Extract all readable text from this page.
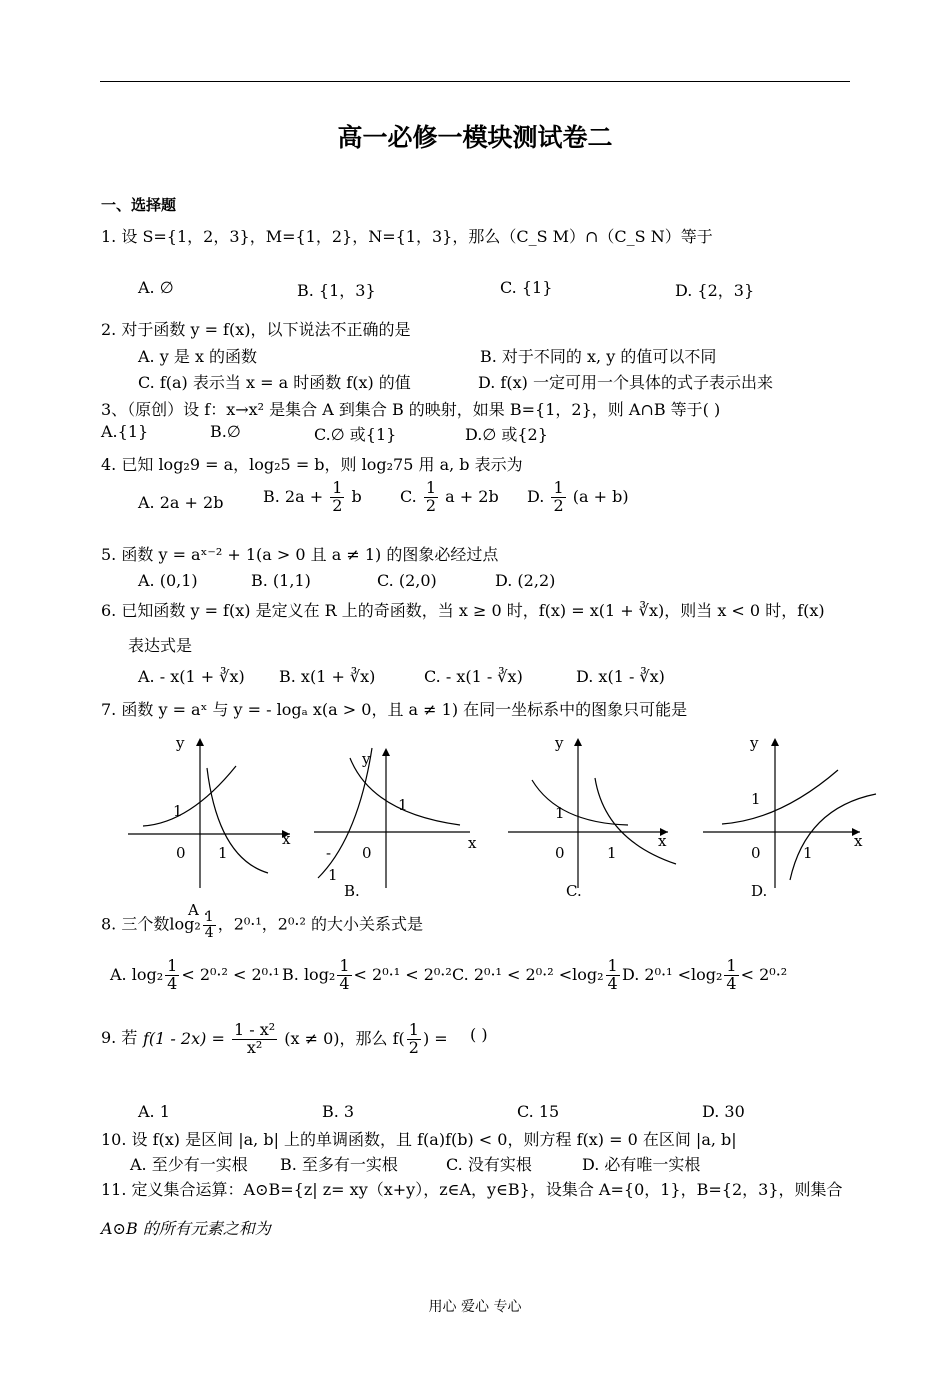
高一必修一模块测试卷二
一、选择题
1. 设 S={1，2，3}，M={1，2}，N={1，3}，那么（C_S M）∩（C_S N）等于
A. ∅	B. {1，3}	C. {1}	D. {2，3}
2. 对于函数 y = f(x)，以下说法不正确的是
A. y 是 x 的函数	B. 对于不同的 x, y 的值可以不同
C. f(a) 表示当 x = a 时函数 f(x) 的值	D. f(x) 一定可用一个具体的式子表示出来
3、（原创）设 f：x→x² 是集合 A 到集合 B 的映射，如果 B={1，2}，则 A∩B 等于( )
A.{1}	B.∅	C.∅ 或{1}	D.∅ 或{2}
4. 已知 log₂9 = a，log₂5 = b，则 log₂75 用 a, b 表示为
A. 2a + 2b B. $2a + \frac{1}{2}$ b C. $\frac{1}{2}$ a + 2b D. $\frac{1}{2} (a + b)$
5. 函数 y = aˣ⁻² + 1(a > 0 且 a ≠ 1) 的图象必经过点
A. (0,1)	B. (1,1)	C. (2,0)	D. (2,2)
6. 已知函数 y = f(x) 是定义在 R 上的奇函数，当 x ≥ 0 时，f(x) = x(1 + ∛x)，则当 x < 0 时，f(x)
表达式是
A. - x(1 + ∛x) B. x(1 + ∛x)	C. - x(1 - ∛x)	D. x(1 - ∛x)
7. 函数 y = aˣ 与 y = - logₐ x(a > 0，且 a ≠ 1) 在同一坐标系中的图象只可能是
y
x
1
0 1
A .
y
x
1
-
1
0
B.
y
x
1
0	1
C.
y
x
1
0	1
D.
8. 三个数$\log_2 \frac{1}{4}$ ，2⁰·¹，2⁰·² 的大小关系式是
A. $\log_2 \frac{1}{4} < 2^0\cdot^2 < 2^0\cdot^1$ B. $\log_2 \frac{1}{4} < 2^0\cdot^1 < 2^0\cdot^2$ C. $2^0\cdot^1 < 2^0\cdot^2 <\log_2 \frac{1}{4} D$. $2^0\cdot^1 <\log_2 \frac{1}{4} < 2^0\cdot^2$
9. 若 $f(1 - 2x) = \frac{\text{1 - x²}}{\text{x²}} (x \ne 0)$，那么 $f( \frac{1}{2}$ ) = ( )
A. 1	B. 3	C. 15	D. 30
10. 设 f(x) 是区间 |a, b| 上的单调函数，且 f(a)f(b) < 0，则方程 f(x) = 0 在区间 |a, b|
A. 至少有一实根 B. 至多有一实根	C. 没有实根	D. 必有唯一实根
11. 定义集合运算：A⊙B={z| z= xy（x+y），z∈A，y∈B}，设集合 A={0，1}，B={2，3}，则集合
A⊙B 的所有元素之和为
用心 爱心 专心
